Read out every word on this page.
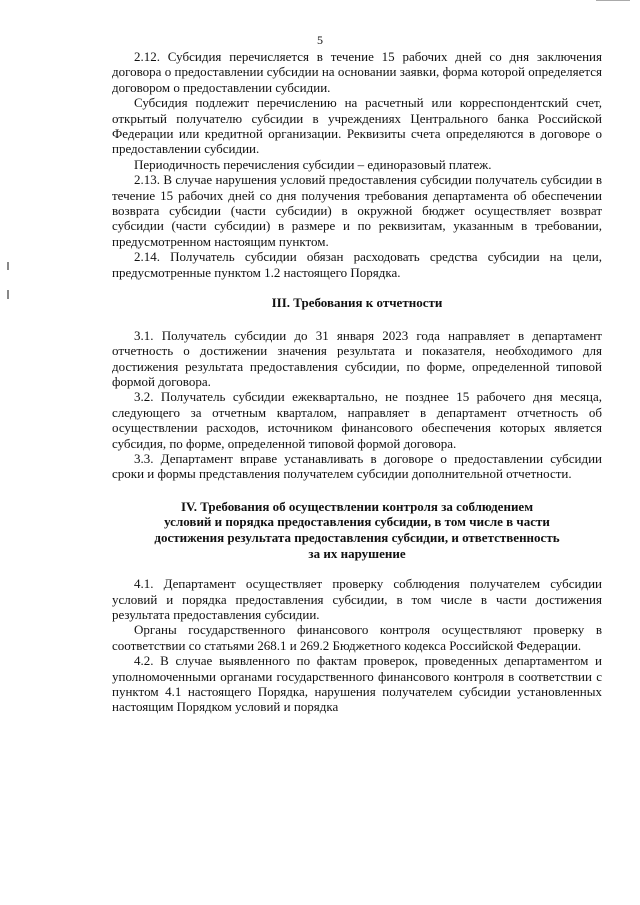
5

2.12. Субсидия перечисляется в течение 15 рабочих дней со дня заключения договора о предоставлении субсидии на основании заявки, форма которой определяется договором о предоставлении субсидии.

Субсидия подлежит перечислению на расчетный или корреспондентский счет, открытый получателю субсидии в учреждениях Центрального банка Российской Федерации или кредитной организации. Реквизиты счета определяются в договоре о предоставлении субсидии.

Периодичность перечисления субсидии – единоразовый платеж.

2.13. В случае нарушения условий предоставления субсидии получатель субсидии в течение 15 рабочих дней со дня получения требования департамента об обеспечении возврата субсидии (части субсидии) в окружной бюджет осуществляет возврат субсидии (части субсидии) в размере и по реквизитам, указанным в требовании, предусмотренном настоящим пунктом.

2.14. Получатель субсидии обязан расходовать средства субсидии на цели, предусмотренные пунктом 1.2 настоящего Порядка.

III. Требования к отчетности

3.1. Получатель субсидии до 31 января 2023 года направляет в департамент отчетность о достижении значения результата и показателя, необходимого для достижения результата предоставления субсидии, по форме, определенной типовой формой договора.

3.2. Получатель субсидии ежеквартально, не позднее 15 рабочего дня месяца, следующего за отчетным кварталом, направляет в департамент отчетность об осуществлении расходов, источником финансового обеспечения которых является субсидия, по форме, определенной типовой формой договора.

3.3. Департамент вправе устанавливать в договоре о предоставлении субсидии сроки и формы представления получателем субсидии дополнительной отчетности.

IV. Требования об осуществлении контроля за соблюдением
условий и порядка предоставления субсидии, в том числе в части
достижения результата предоставления субсидии, и ответственность
за их нарушение

4.1. Департамент осуществляет проверку соблюдения получателем субсидии условий и порядка предоставления субсидии, в том числе в части достижения результата предоставления субсидии.

Органы государственного финансового контроля осуществляют проверку в соответствии со статьями 268.1 и 269.2 Бюджетного кодекса Российской Федерации.

4.2. В случае выявленного по фактам проверок, проведенных департаментом и уполномоченными органами государственного финансового контроля в соответствии с пунктом 4.1 настоящего Порядка, нарушения получателем субсидии установленных настоящим Порядком условий и порядка
